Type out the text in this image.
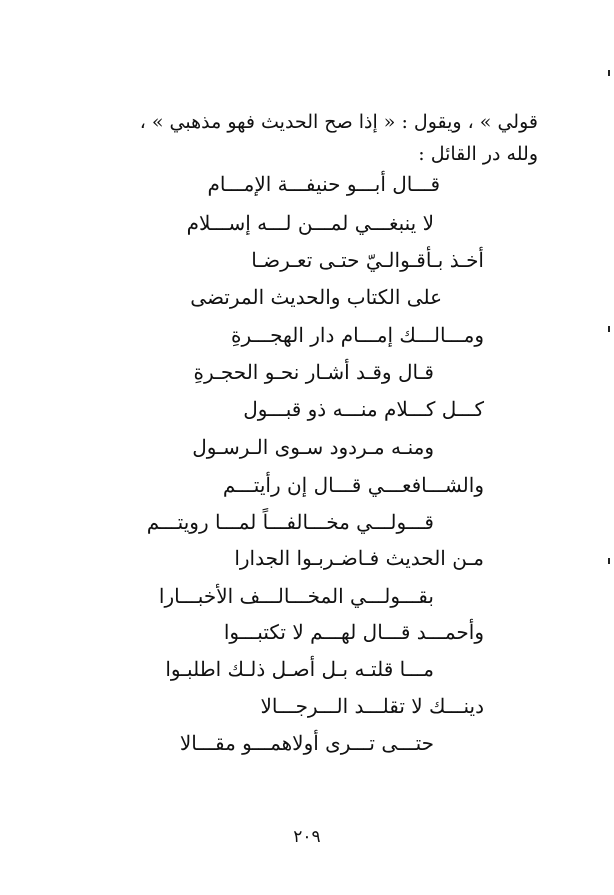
قولي » ، ويقول : « إذا صح الحديث فهو مذهبي » ،
ولله در القائل :
قـــال أبـــو حنيفـــة الإمـــام
لا ينبغـــي لمـــن لـــه إســـلام
أخـذ بـأقـوالـيّ حتـى تعـرضـا
على الكتاب والحديث المرتضى
ومـــالـــك إمـــام دار الهجـــرةِ
قـال وقـد أشـار نحـو الحجـرةِ
كـــل كـــلام منـــه ذو قبـــول
ومنـه مـردود سـوى الـرسـول
والشـــافعـــي قـــال إن رأيتـــم
قـــولـــي مخـــالفـــاً لمـــا رويتـــم
مـن الحديث فـاضـربـوا الجدارا
بقـــولـــي المخـــالـــف الأخبـــارا
وأحمـــد قـــال لهـــم لا تكتبـــوا
مـــا قلتـه بـل أصـل ذلـك اطلبـوا
دينـــك لا تقلـــد الـــرجـــالا
حتـــى تـــرى أولاهمـــو مقـــالا
٢٠٩
